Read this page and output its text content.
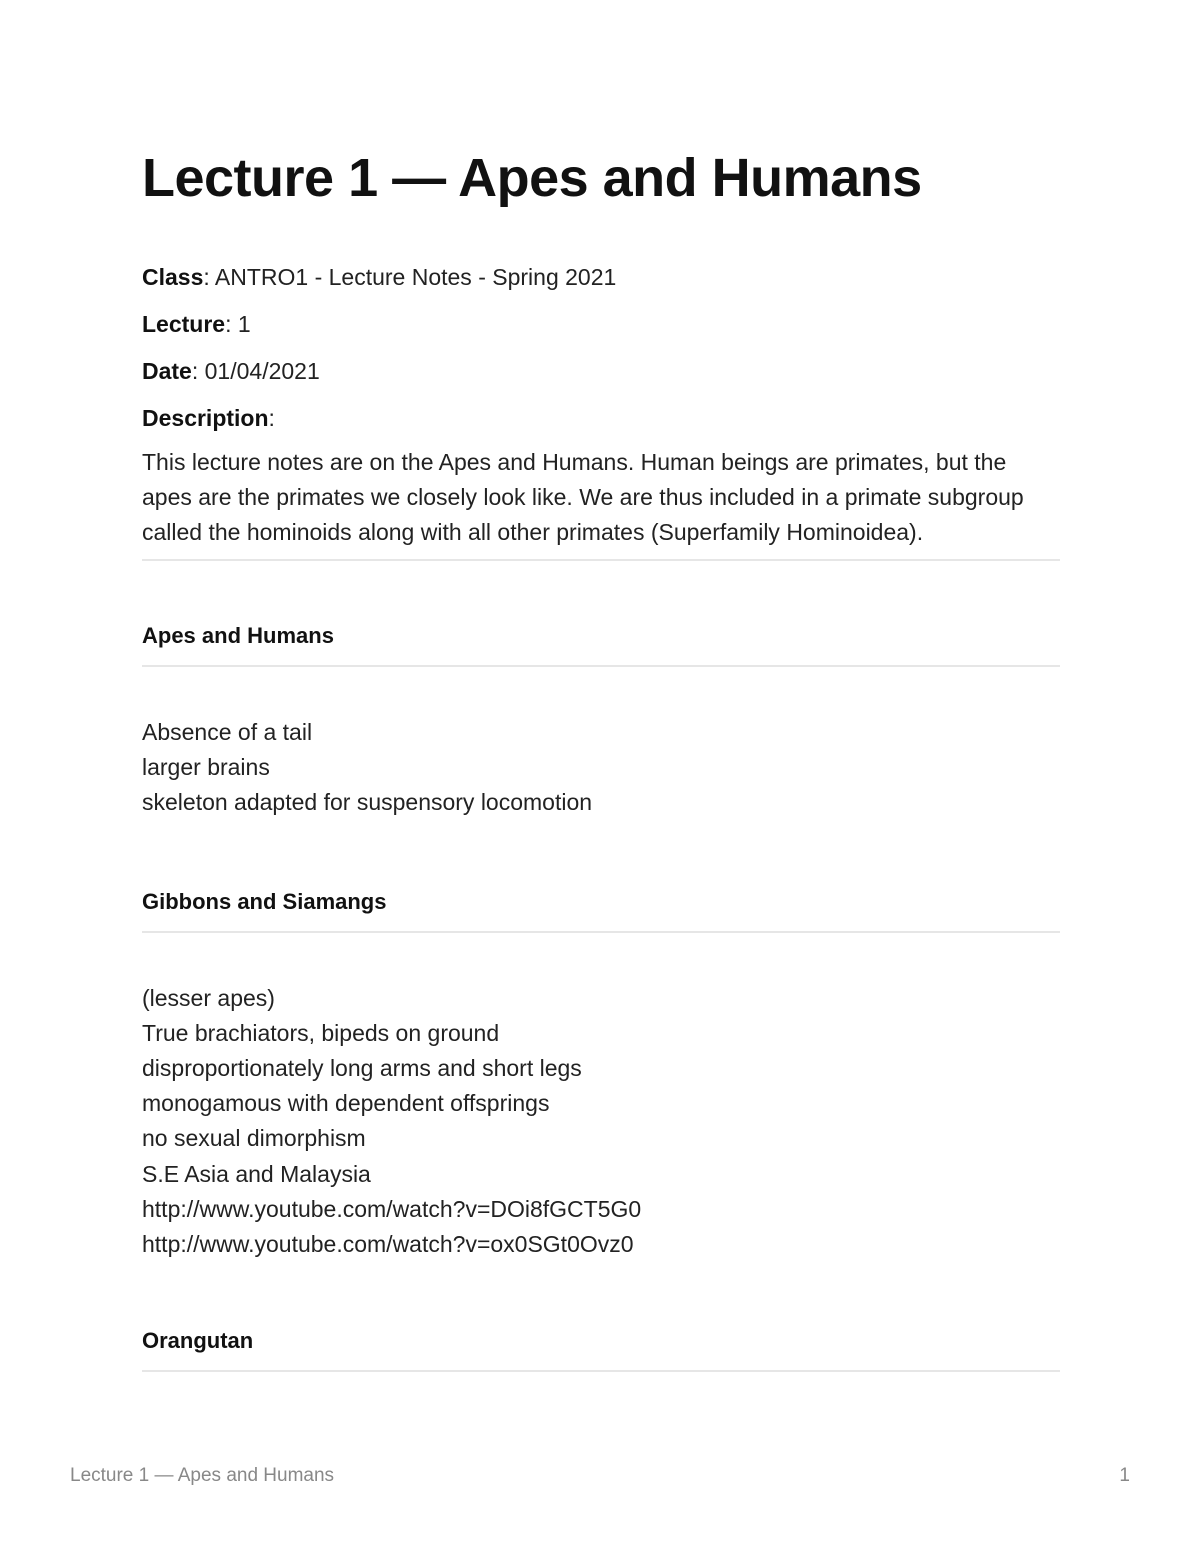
Lecture 1 — Apes and Humans

Class: ANTRO1 - Lecture Notes - Spring 2021

Lecture: 1

Date: 01/04/2021

Description:

This lecture notes are on the Apes and Humans. Human beings are primates, but the apes are the primates we closely look like. We are thus included in a primate subgroup called the hominoids along with all other primates (Superfamily Hominoidea).

Apes and Humans
Absence of a tail
larger brains
skeleton adapted for suspensory locomotion
Gibbons and Siamangs
(lesser apes)
True brachiators, bipeds on ground
disproportionately long arms and short legs
monogamous with dependent offsprings
no sexual dimorphism
S.E Asia and Malaysia
http://www.youtube.com/watch?v=DOi8fGCT5G0
http://www.youtube.com/watch?v=ox0SGt0Ovz0
Orangutan
Lecture 1 — Apes and Humans	1
